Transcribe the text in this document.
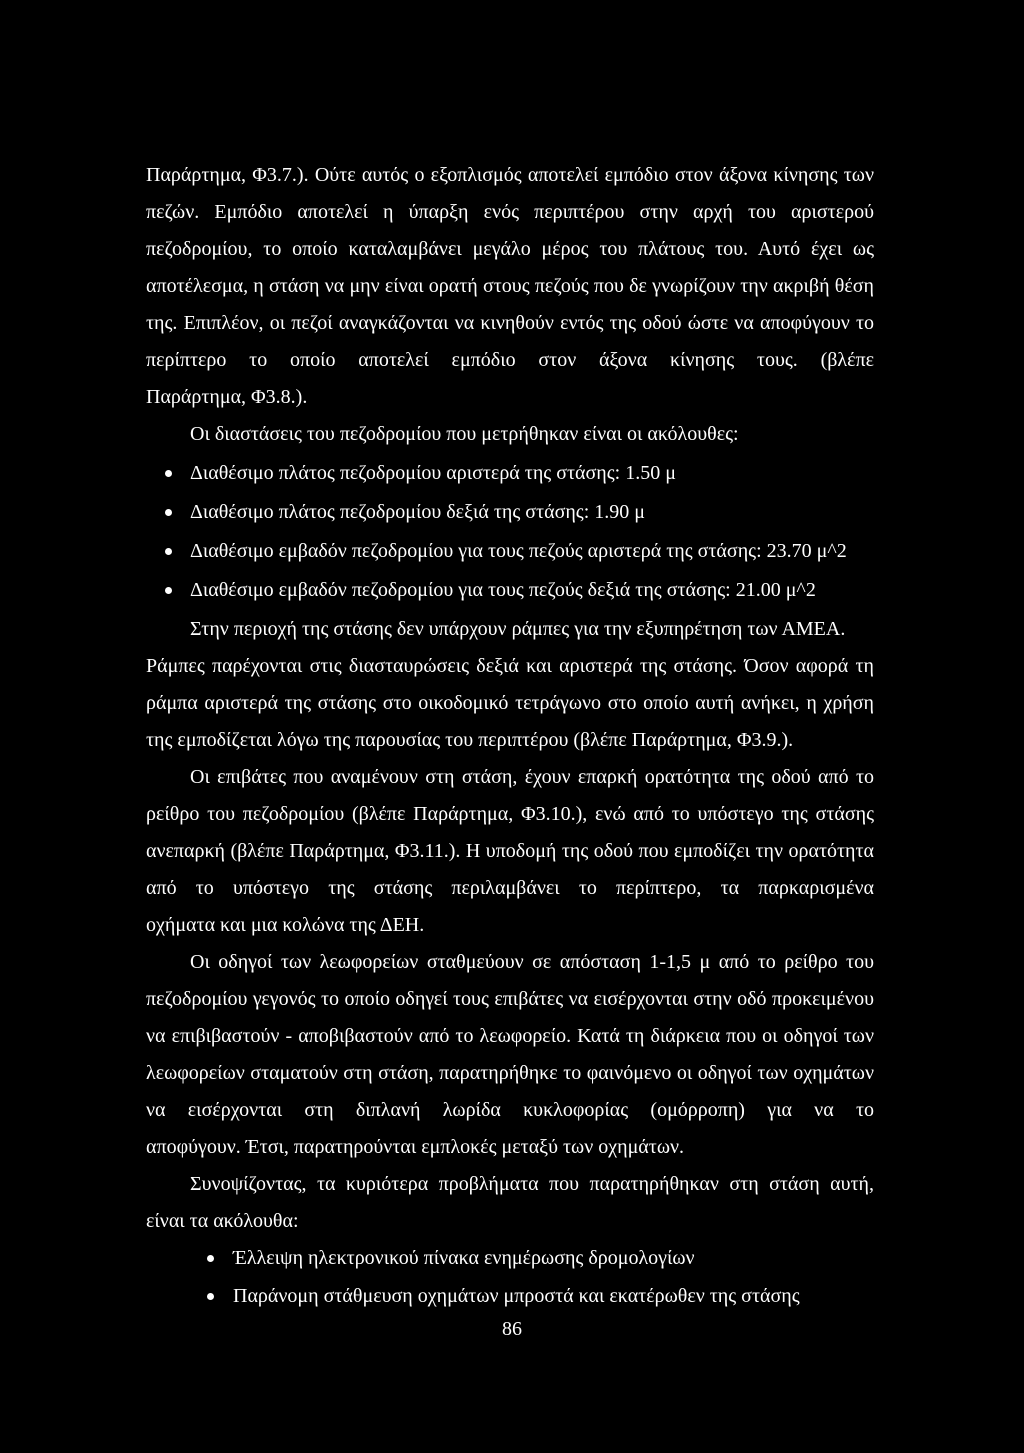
Παράρτημα, Φ3.7.). Ούτε αυτός ο εξοπλισμός αποτελεί εμπόδιο στον άξονα κίνησης των πεζών. Εμπόδιο αποτελεί η ύπαρξη ενός περιπτέρου στην αρχή του αριστερού πεζοδρομίου, το οποίο καταλαμβάνει μεγάλο μέρος του πλάτους του. Αυτό έχει ως αποτέλεσμα, η στάση να μην είναι ορατή στους πεζούς που δε γνωρίζουν την ακριβή θέση της. Επιπλέον, οι πεζοί αναγκάζονται να κινηθούν εντός της οδού ώστε να αποφύγουν το περίπτερο το οποίο αποτελεί εμπόδιο στον άξονα κίνησης τους. (βλέπε

Παράρτημα, Φ3.8.).

Οι διαστάσεις του πεζοδρομίου που μετρήθηκαν είναι οι ακόλουθες:

Διαθέσιμο πλάτος πεζοδρομίου αριστερά της στάσης: 1.50 μ

Διαθέσιμο πλάτος πεζοδρομίου δεξιά της στάσης: 1.90 μ

Διαθέσιμο εμβαδόν πεζοδρομίου για τους πεζούς αριστερά της στάσης: 23.70 μ^2

Διαθέσιμο εμβαδόν πεζοδρομίου για τους πεζούς δεξιά της στάσης: 21.00 μ^2

Στην περιοχή της στάσης δεν υπάρχουν ράμπες για την εξυπηρέτηση των ΑΜΕΑ.

Ράμπες παρέχονται στις διασταυρώσεις δεξιά και αριστερά της στάσης. Όσον αφορά τη ράμπα αριστερά της στάσης στο οικοδομικό τετράγωνο στο οποίο αυτή ανήκει, η χρήση

της εμποδίζεται λόγω της παρουσίας του περιπτέρου (βλέπε Παράρτημα, Φ3.9.).

Οι επιβάτες που αναμένουν στη στάση, έχουν επαρκή ορατότητα της οδού από το ρείθρο του πεζοδρομίου (βλέπε Παράρτημα, Φ3.10.), ενώ από το υπόστεγο της στάσης ανεπαρκή (βλέπε Παράρτημα, Φ3.11.). Η υποδομή της οδού που εμποδίζει την ορατότητα από το υπόστεγο της στάσης περιλαμβάνει το περίπτερο, τα παρκαρισμένα

οχήματα και μια κολώνα της ΔΕΗ.

Οι οδηγοί των λεωφορείων σταθμεύουν σε απόσταση 1-1,5 μ από το ρείθρο του πεζοδρομίου γεγονός το οποίο οδηγεί τους επιβάτες να εισέρχονται στην οδό προκειμένου να επιβιβαστούν - αποβιβαστούν από το λεωφορείο. Κατά τη διάρκεια που οι οδηγοί των λεωφορείων σταματούν στη στάση, παρατηρήθηκε το φαινόμενο οι οδηγοί των οχημάτων να εισέρχονται στη διπλανή λωρίδα κυκλοφορίας (ομόρροπη) για να το

αποφύγουν. Έτσι, παρατηρούνται εμπλοκές μεταξύ των οχημάτων.

Συνοψίζοντας, τα κυριότερα προβλήματα που παρατηρήθηκαν στη στάση αυτή,

είναι τα ακόλουθα:

Έλλειψη ηλεκτρονικού πίνακα ενημέρωσης δρομολογίων

Παράνομη στάθμευση οχημάτων μπροστά και εκατέρωθεν της στάσης

86
